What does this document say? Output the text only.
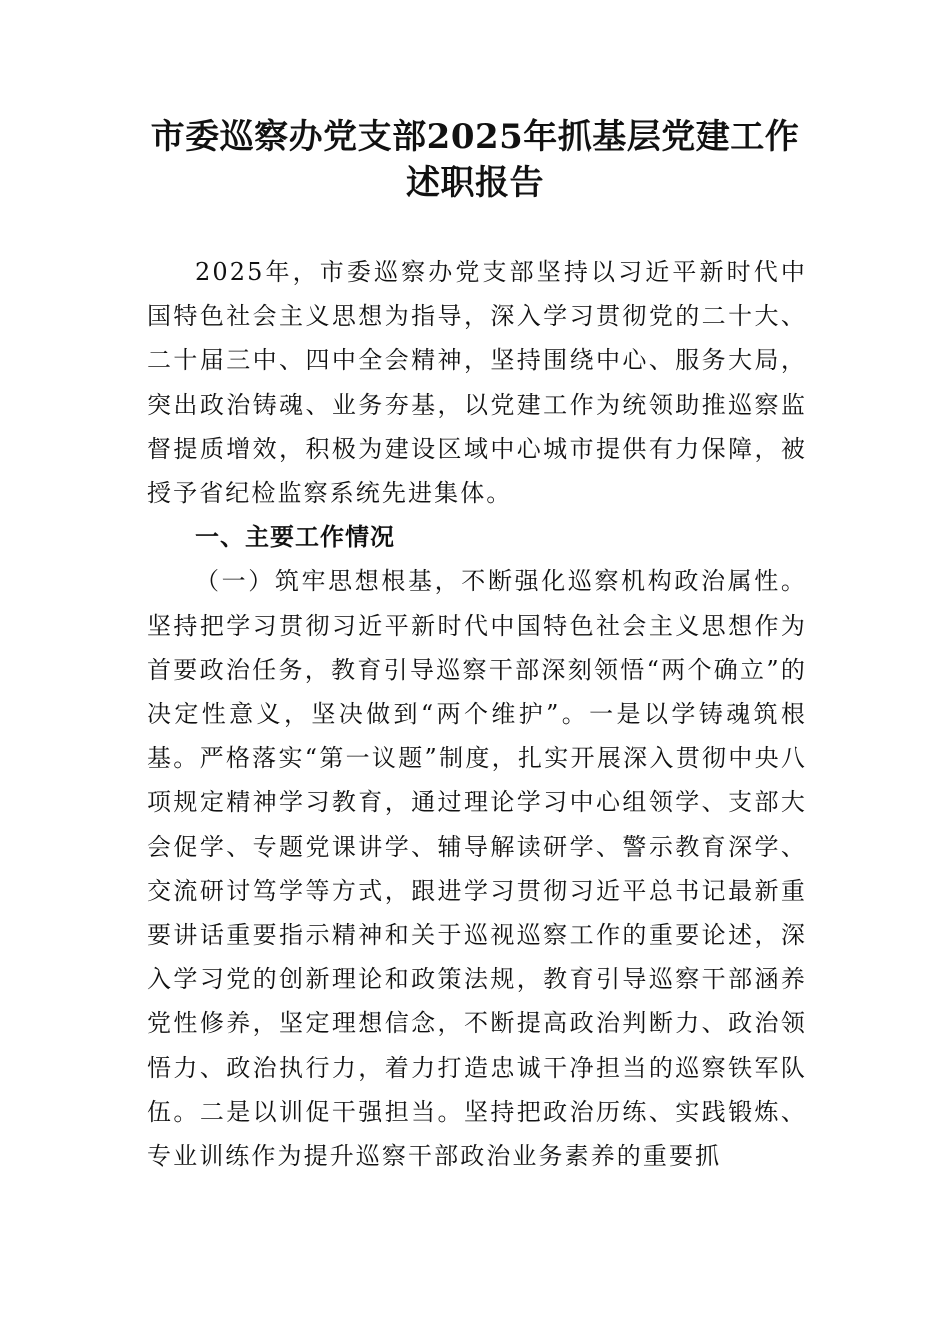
市委巡察办党支部2025年抓基层党建工作
述职报告

2025年，市委巡察办党支部坚持以习近平新时代中国特色社会主义思想为指导，深入学习贯彻党的二十大、二十届三中、四中全会精神，坚持围绕中心、服务大局，突出政治铸魂、业务夯基，以党建工作为统领助推巡察监督提质增效，积极为建设区域中心城市提供有力保障，被授予省纪检监察系统先进集体。

一、主要工作情况

（一）筑牢思想根基，不断强化巡察机构政治属性。坚持把学习贯彻习近平新时代中国特色社会主义思想作为首要政治任务，教育引导巡察干部深刻领悟“两个确立”的决定性意义，坚决做到“两个维护”。一是以学铸魂筑根基。严格落实“第一议题”制度，扎实开展深入贯彻中央八项规定精神学习教育，通过理论学习中心组领学、支部大会促学、专题党课讲学、辅导解读研学、警示教育深学、交流研讨笃学等方式，跟进学习贯彻习近平总书记最新重要讲话重要指示精神和关于巡视巡察工作的重要论述，深入学习党的创新理论和政策法规，教育引导巡察干部涵养党性修养，坚定理想信念，不断提高政治判断力、政治领悟力、政治执行力，着力打造忠诚干净担当的巡察铁军队伍。二是以训促干强担当。坚持把政治历练、实践锻炼、专业训练作为提升巡察干部政治业务素养的重要抓
